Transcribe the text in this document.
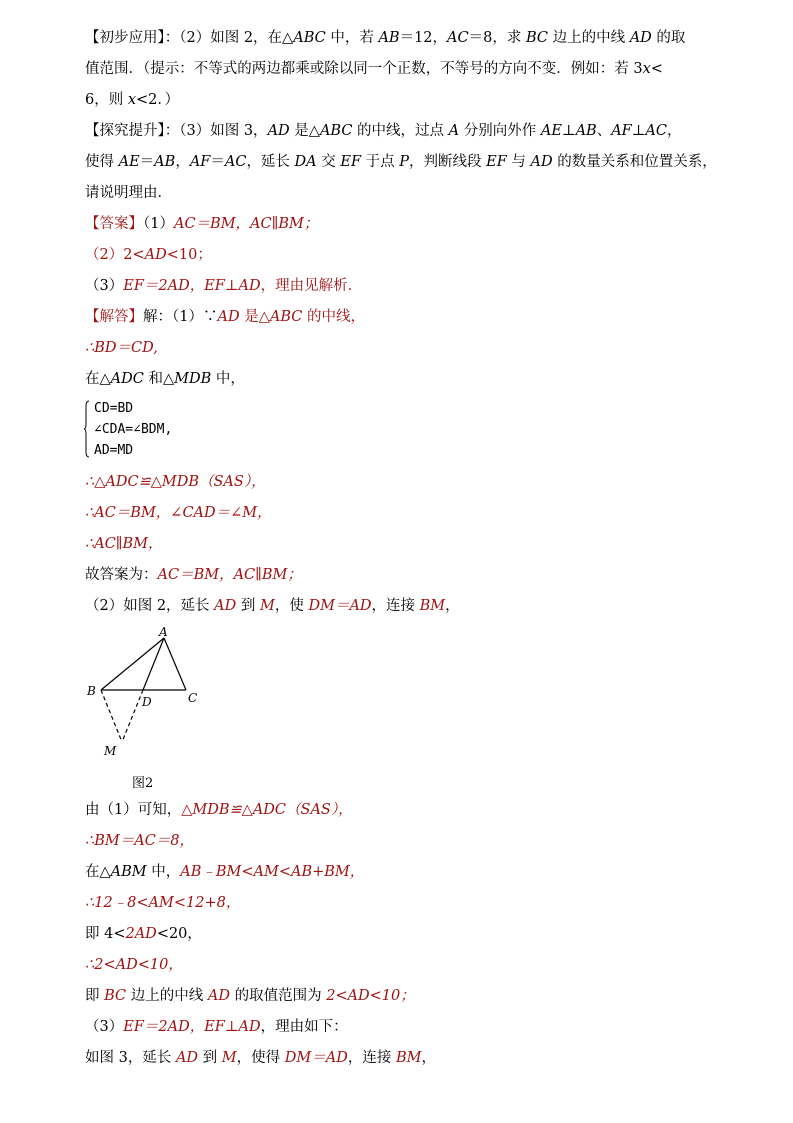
【初步应用】：（2）如图 2，在△ABC 中，若 AB＝12，AC＝8，求 BC 边上的中线 AD 的取
值范围．（提示：不等式的两边都乘或除以同一个正数，不等号的方向不变．例如：若 3x<
6，则 x<2．）
【探究提升】：（3）如图 3，AD 是△ABC 的中线，过点 A 分别向外作 AE⊥AB、AF⊥AC，
使得 AE＝AB，AF＝AC，延长 DA 交 EF 于点 P，判断线段 EF 与 AD 的数量关系和位置关系，
请说明理由．
【答案】（1）AC＝BM，AC∥BM；
（2）2<AD<10；
（3）EF＝2AD，EF⊥AD，理由见解析．
【解答】解：（1）∵AD 是△ABC 的中线，
∴BD＝CD,
在△ADC 和△MDB 中，
CD=BD
∠CDA=∠BDM,
AD=MD
∴△ADC≌△MDB（SAS），
∴AC＝BM，∠CAD＝∠M，
∴AC∥BM，
故答案为：AC＝BM，AC∥BM；
（2）如图 2，延长 AD 到 M，使 DM＝AD，连接 BM，
A
B	C
D
M
图2
由（1）可知，△MDB≌△ADC（SAS），
∴BM＝AC＝8，
在△ABM 中，AB﹣BM<AM<AB+BM，
∴12﹣8<AM<12+8，
即 4<2AD<20，
∴2<AD<10，
即 BC 边上的中线 AD 的取值范围为 2<AD<10；
（3）EF＝2AD，EF⊥AD，理由如下：
如图 3，延长 AD 到 M，使得 DM＝AD，连接 BM，
